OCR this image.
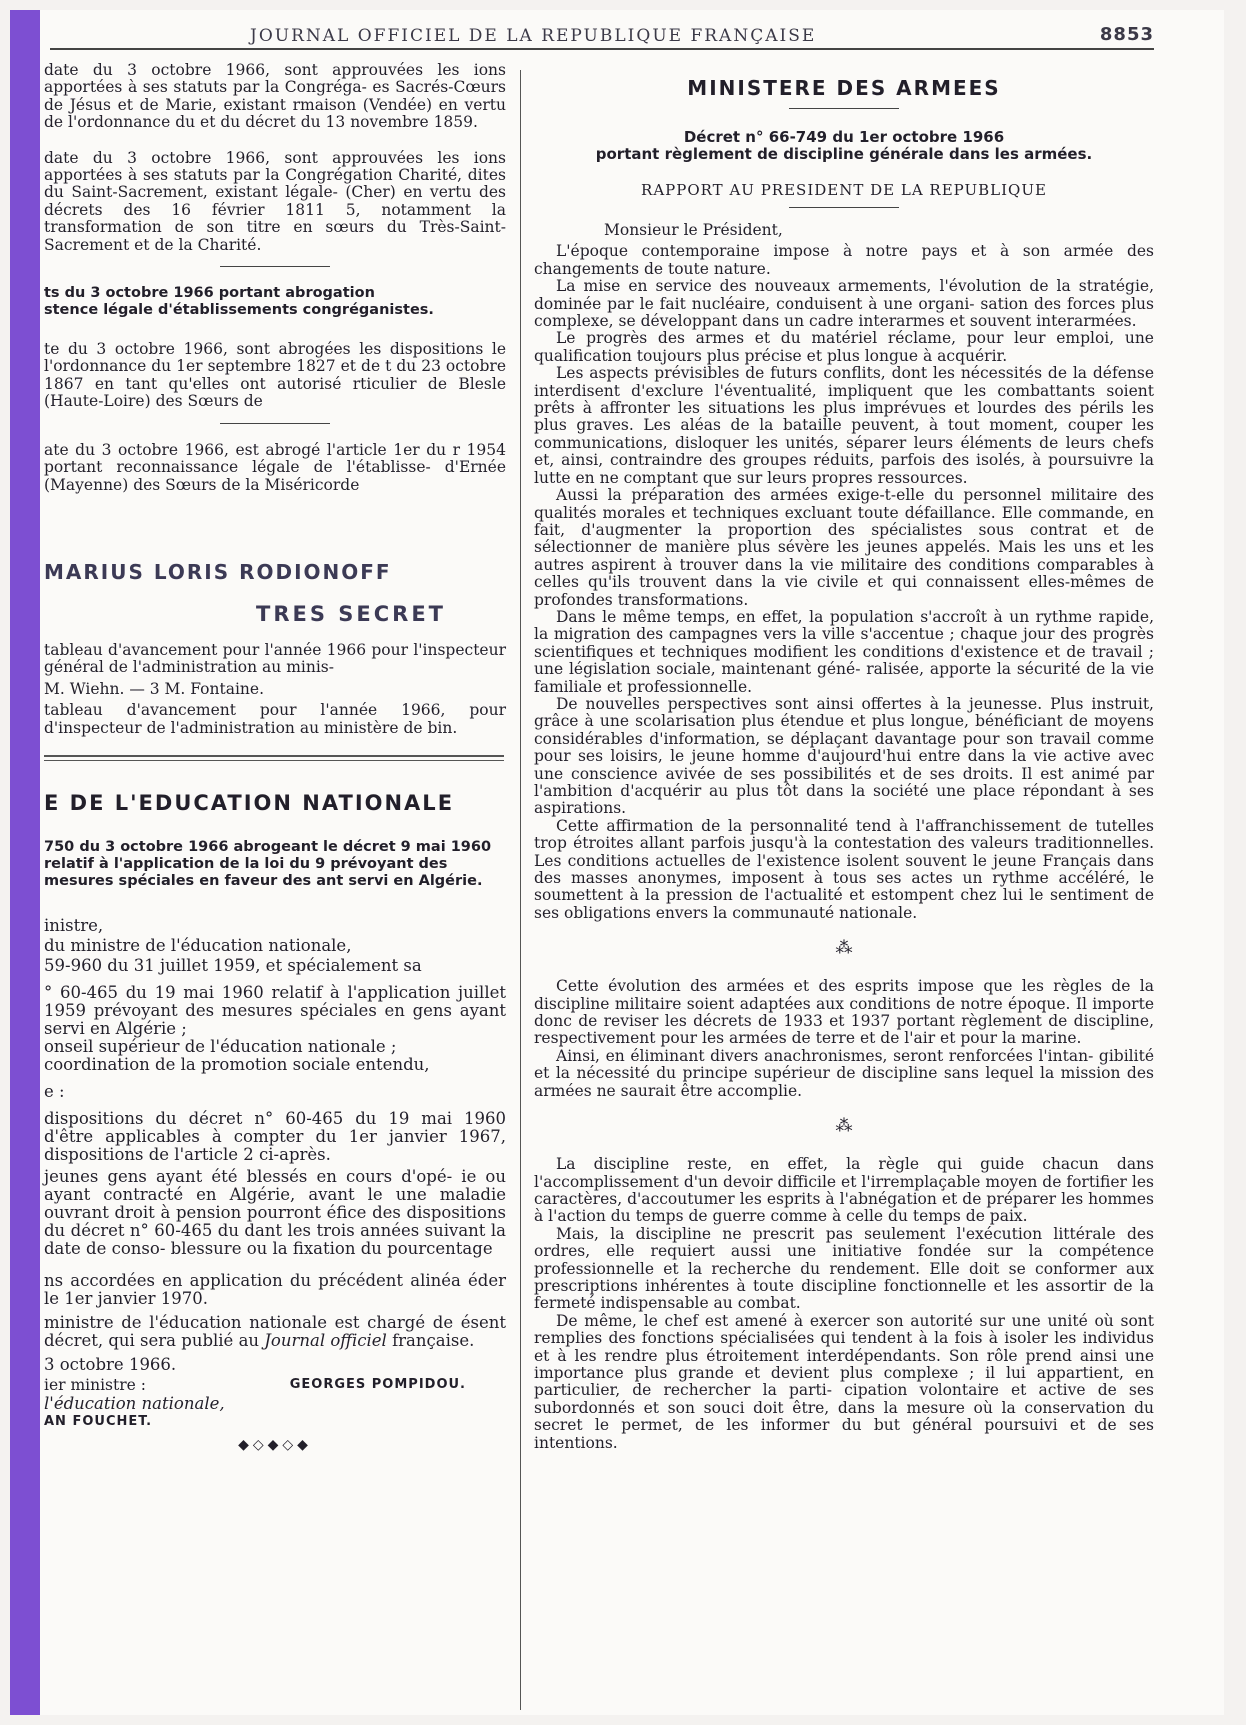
JOURNAL OFFICIEL DE LA REPUBLIQUE FRANÇAISE	8853

date du 3 octobre 1966, sont approuvées les ions apportées à ses statuts par la Congréga- es Sacrés-Cœurs de Jésus et de Marie, existant rmaison (Vendée) en vertu de l'ordonnance du et du décret du 13 novembre 1859.

date du 3 octobre 1966, sont approuvées les ions apportées à ses statuts par la Congrégation Charité, dites du Saint-Sacrement, existant légale- (Cher) en vertu des décrets des 16 février 1811 5, notamment la transformation de son titre en sœurs du Très-Saint-Sacrement et de la Charité.

ts du 3 octobre 1966 portant abrogation

stence légale d'établissements congréganistes.

te du 3 octobre 1966, sont abrogées les dispositions le l'ordonnance du 1er septembre 1827 et de t du 23 octobre 1867 en tant qu'elles ont autorisé rticulier de Blesle (Haute-Loire) des Sœurs de

ate du 3 octobre 1966, est abrogé l'article 1er du r 1954 portant reconnaissance légale de l'établisse- d'Ernée (Mayenne) des Sœurs de la Miséricorde

MARIUS LORIS RODIONOFF

TRES SECRET

tableau d'avancement pour l'année 1966 pour l'inspecteur général de l'administration au minis-

M. Wiehn. — 3 M. Fontaine.

tableau d'avancement pour l'année 1966, pour d'inspecteur de l'administration au ministère de bin.

E DE L'EDUCATION NATIONALE

750 du 3 octobre 1966 abrogeant le décret 9 mai 1960 relatif à l'application de la loi du 9 prévoyant des mesures spéciales en faveur des ant servi en Algérie.

inistre,

du ministre de l'éducation nationale,

59-960 du 31 juillet 1959, et spécialement sa

° 60-465 du 19 mai 1960 relatif à l'application juillet 1959 prévoyant des mesures spéciales en gens ayant servi en Algérie ;

onseil supérieur de l'éducation nationale ;

coordination de la promotion sociale entendu,

e :

dispositions du décret n° 60-465 du 19 mai 1960 d'être applicables à compter du 1er janvier 1967, dispositions de l'article 2 ci-après.

jeunes gens ayant été blessés en cours d'opé- ie ou ayant contracté en Algérie, avant le une maladie ouvrant droit à pension pourront éfice des dispositions du décret n° 60-465 du dant les trois années suivant la date de conso- blessure ou la fixation du pourcentage

ns accordées en application du précédent alinéa éder le 1er janvier 1970.

ministre de l'éducation nationale est chargé de ésent décret, qui sera publié au Journal officiel française.

3 octobre 1966.

ier ministre :	GEORGES POMPIDOU.

l'éducation nationale,

AN FOUCHET.

◆◇◆◇◆

MINISTERE DES ARMEES

Décret n° 66-749 du 1er octobre 1966

portant règlement de discipline générale dans les armées.

RAPPORT AU PRESIDENT DE LA REPUBLIQUE

Monsieur le Président,

L'époque contemporaine impose à notre pays et à son armée des changements de toute nature.

La mise en service des nouveaux armements, l'évolution de la stratégie, dominée par le fait nucléaire, conduisent à une organi- sation des forces plus complexe, se développant dans un cadre interarmes et souvent interarmées.

Le progrès des armes et du matériel réclame, pour leur emploi, une qualification toujours plus précise et plus longue à acquérir.

Les aspects prévisibles de futurs conflits, dont les nécessités de la défense interdisent d'exclure l'éventualité, impliquent que les combattants soient prêts à affronter les situations les plus imprévues et lourdes des périls les plus graves. Les aléas de la bataille peuvent, à tout moment, couper les communications, disloquer les unités, séparer leurs éléments de leurs chefs et, ainsi, contraindre des groupes réduits, parfois des isolés, à poursuivre la lutte en ne comptant que sur leurs propres ressources.

Aussi la préparation des armées exige-t-elle du personnel militaire des qualités morales et techniques excluant toute défaillance. Elle commande, en fait, d'augmenter la proportion des spécialistes sous contrat et de sélectionner de manière plus sévère les jeunes appelés. Mais les uns et les autres aspirent à trouver dans la vie militaire des conditions comparables à celles qu'ils trouvent dans la vie civile et qui connaissent elles-mêmes de profondes transformations.

Dans le même temps, en effet, la population s'accroît à un rythme rapide, la migration des campagnes vers la ville s'accentue ; chaque jour des progrès scientifiques et techniques modifient les conditions d'existence et de travail ; une législation sociale, maintenant géné- ralisée, apporte la sécurité de la vie familiale et professionnelle.

De nouvelles perspectives sont ainsi offertes à la jeunesse. Plus instruit, grâce à une scolarisation plus étendue et plus longue, bénéficiant de moyens considérables d'information, se déplaçant davantage pour son travail comme pour ses loisirs, le jeune homme d'aujourd'hui entre dans la vie active avec une conscience avivée de ses possibilités et de ses droits. Il est animé par l'ambition d'acquérir au plus tôt dans la société une place répondant à ses aspirations.

Cette affirmation de la personnalité tend à l'affranchissement de tutelles trop étroites allant parfois jusqu'à la contestation des valeurs traditionnelles. Les conditions actuelles de l'existence isolent souvent le jeune Français dans des masses anonymes, imposent à tous ses actes un rythme accéléré, le soumettent à la pression de l'actualité et estompent chez lui le sentiment de ses obligations envers la communauté nationale.

⁂

Cette évolution des armées et des esprits impose que les règles de la discipline militaire soient adaptées aux conditions de notre époque. Il importe donc de reviser les décrets de 1933 et 1937 portant règlement de discipline, respectivement pour les armées de terre et de l'air et pour la marine.

Ainsi, en éliminant divers anachronismes, seront renforcées l'intan- gibilité et la nécessité du principe supérieur de discipline sans lequel la mission des armées ne saurait être accomplie.

⁂

La discipline reste, en effet, la règle qui guide chacun dans l'accomplissement d'un devoir difficile et l'irremplaçable moyen de fortifier les caractères, d'accoutumer les esprits à l'abnégation et de préparer les hommes à l'action du temps de guerre comme à celle du temps de paix.

Mais, la discipline ne prescrit pas seulement l'exécution littérale des ordres, elle requiert aussi une initiative fondée sur la compétence professionnelle et la recherche du rendement. Elle doit se conformer aux prescriptions inhérentes à toute discipline fonctionnelle et les assortir de la fermeté indispensable au combat.

De même, le chef est amené à exercer son autorité sur une unité où sont remplies des fonctions spécialisées qui tendent à la fois à isoler les individus et à les rendre plus étroitement interdépendants. Son rôle prend ainsi une importance plus grande et devient plus complexe ; il lui appartient, en particulier, de rechercher la parti- cipation volontaire et active de ses subordonnés et son souci doit être, dans la mesure où la conservation du secret le permet, de les informer du but général poursuivi et de ses intentions.
